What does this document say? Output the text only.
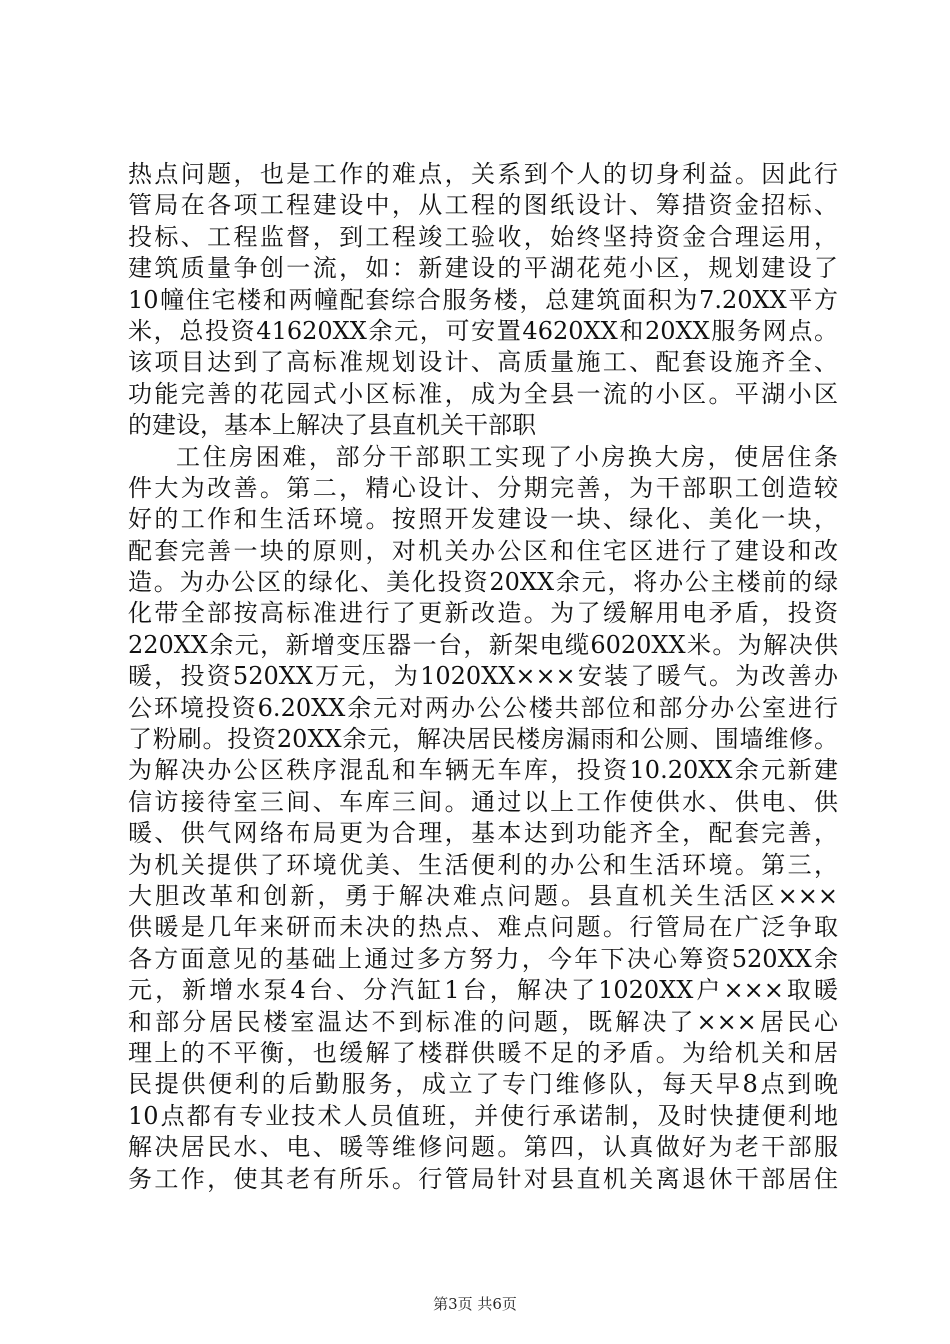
热点问题，也是工作的难点，关系到个人的切身利益。因此行
管局在各项工程建设中，从工程的图纸设计、筹措资金招标、
投标、工程监督，到工程竣工验收，始终坚持资金合理运用，
建筑质量争创一流，如：新建设的平湖花苑小区，规划建设了
10幢住宅楼和两幢配套综合服务楼，总建筑面积为7.20XX平方
米，总投资41620XX余元，可安置4620XX和20XX服务网点。
该项目达到了高标准规划设计、高质量施工、配套设施齐全、
功能完善的花园式小区标准，成为全县一流的小区。平湖小区
的建设，基本上解决了县直机关干部职
工住房困难，部分干部职工实现了小房换大房，使居住条
件大为改善。第二，精心设计、分期完善，为干部职工创造较
好的工作和生活环境。按照开发建设一块、绿化、美化一块，
配套完善一块的原则，对机关办公区和住宅区进行了建设和改
造。为办公区的绿化、美化投资20XX余元，将办公主楼前的绿
化带全部按高标准进行了更新改造。为了缓解用电矛盾，投资
220XX余元，新增变压器一台，新架电缆6020XX米。为解决供
暖，投资520XX万元，为1020XX×××安装了暖气。为改善办
公环境投资6.20XX余元对两办公公楼共部位和部分办公室进行
了粉刷。投资20XX余元，解决居民楼房漏雨和公厕、围墙维修。
为解决办公区秩序混乱和车辆无车库，投资10.20XX余元新建
信访接待室三间、车库三间。通过以上工作使供水、供电、供
暖、供气网络布局更为合理，基本达到功能齐全，配套完善，
为机关提供了环境优美、生活便利的办公和生活环境。第三，
大胆改革和创新，勇于解决难点问题。县直机关生活区×××
供暖是几年来研而未决的热点、难点问题。行管局在广泛争取
各方面意见的基础上通过多方努力，今年下决心筹资520XX余
元，新增水泵4台、分汽缸1台，解决了1020XX户×××取暖
和部分居民楼室温达不到标准的问题，既解决了×××居民心
理上的不平衡，也缓解了楼群供暖不足的矛盾。为给机关和居
民提供便利的后勤服务，成立了专门维修队，每天早8点到晚
10点都有专业技术人员值班，并使行承诺制，及时快捷便利地
解决居民水、电、暖等维修问题。第四，认真做好为老干部服
务工作，使其老有所乐。行管局针对县直机关离退休干部居住
第3页 共6页
